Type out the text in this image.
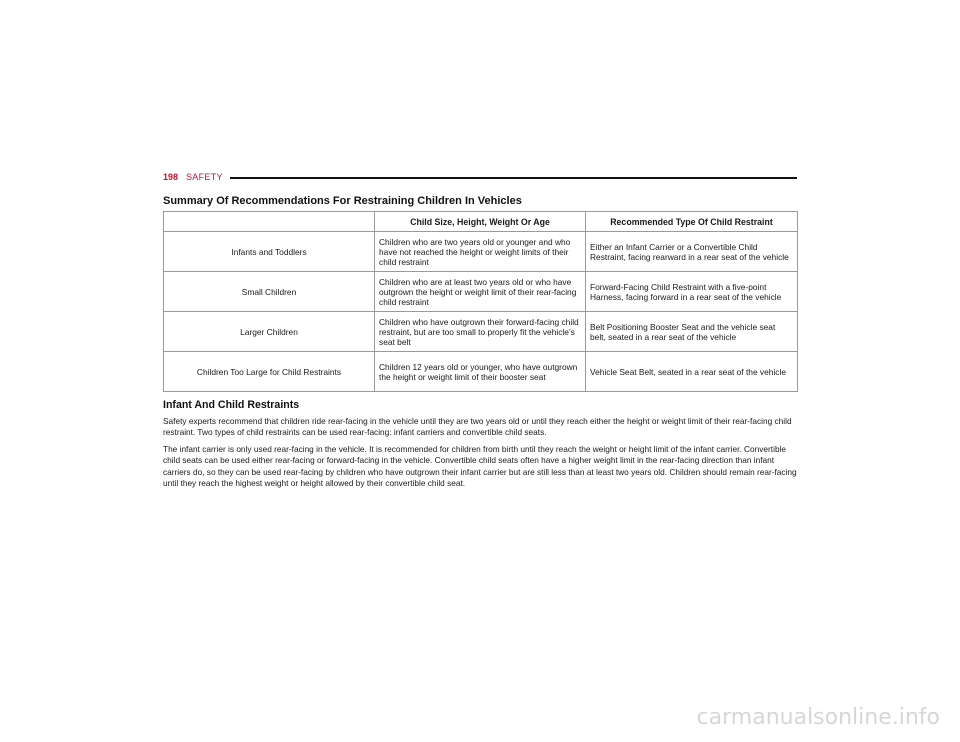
198 SAFETY
Summary Of Recommendations For Restraining Children In Vehicles
	Child Size, Height, Weight Or Age	Recommended Type Of Child Restraint
Infants and Toddlers	Children who are two years old or younger and who have not reached the height or weight limits of their child restraint	Either an Infant Carrier or a Convertible Child Restraint, facing rearward in a rear seat of the vehicle
Small Children	Children who are at least two years old or who have outgrown the height or weight limit of their rear-facing child restraint	Forward-Facing Child Restraint with a five-point Harness, facing forward in a rear seat of the vehicle
Larger Children	Children who have outgrown their forward-facing child restraint, but are too small to properly fit the vehicle’s seat belt	Belt Positioning Booster Seat and the vehicle seat belt, seated in a rear seat of the vehicle
Children Too Large for Child Restraints	Children 12 years old or younger, who have outgrown the height or weight limit of their booster seat	Vehicle Seat Belt, seated in a rear seat of the vehicle
Infant And Child Restraints

Safety experts recommend that children ride rear-facing in the vehicle until they are two years old or until they reach either the height or weight limit of their rear-facing child restraint. Two types of child restraints can be used rear-facing: infant carriers and convertible child seats.

The infant carrier is only used rear-facing in the vehicle. It is recommended for children from birth until they reach the weight or height limit of the infant carrier. Convertible child seats can be used either rear-facing or forward-facing in the vehicle. Convertible child seats often have a higher weight limit in the rear-facing direction than infant carriers do, so they can be used rear-facing by children who have outgrown their infant carrier but are still less than at least two years old. Children should remain rear-facing until they reach the highest weight or height allowed by their convertible child seat.

carmanualsonline.info
